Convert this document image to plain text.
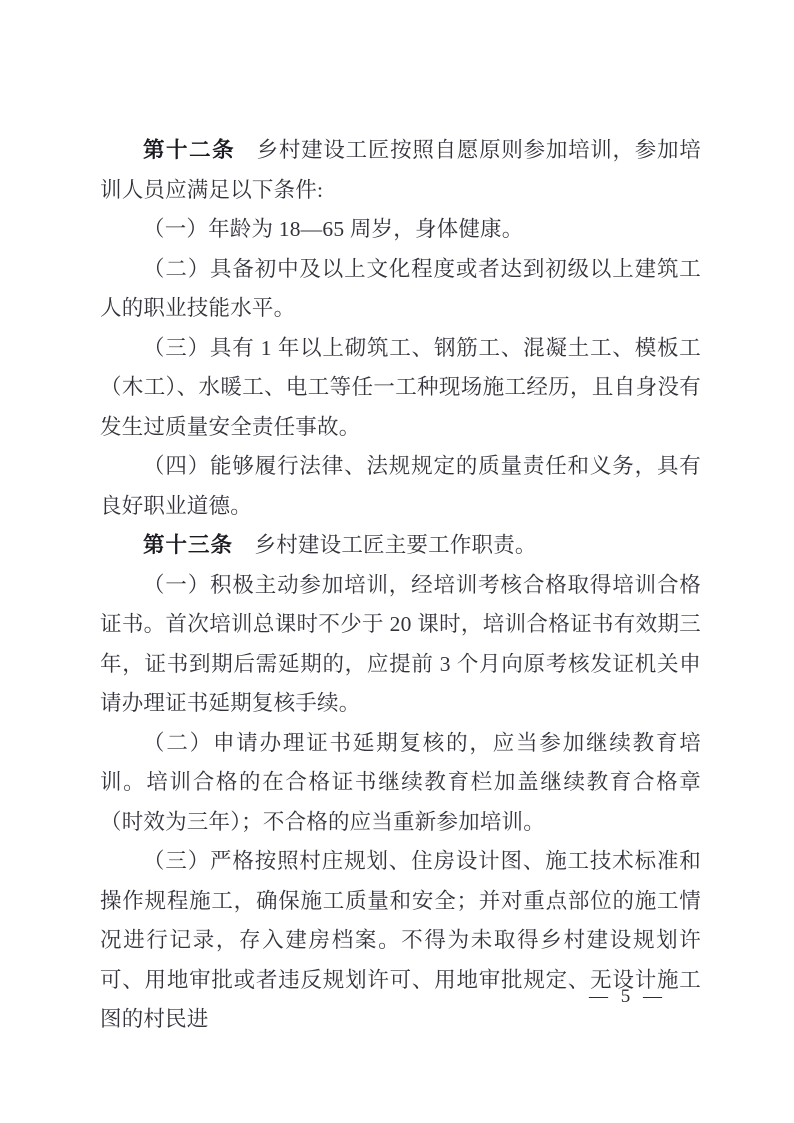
第十二条 乡村建设工匠按照自愿原则参加培训，参加培训人员应满足以下条件:

（一）年龄为 18—65 周岁，身体健康。

（二）具备初中及以上文化程度或者达到初级以上建筑工人的职业技能水平。

（三）具有 1 年以上砌筑工、钢筋工、混凝土工、模板工（木工）、水暖工、电工等任一工种现场施工经历，且自身没有发生过质量安全责任事故。

（四）能够履行法律、法规规定的质量责任和义务，具有良好职业道德。

第十三条 乡村建设工匠主要工作职责。

（一）积极主动参加培训，经培训考核合格取得培训合格证书。首次培训总课时不少于 20 课时，培训合格证书有效期三年，证书到期后需延期的，应提前 3 个月向原考核发证机关申请办理证书延期复核手续。

（二）申请办理证书延期复核的，应当参加继续教育培训。培训合格的在合格证书继续教育栏加盖继续教育合格章（时效为三年）；不合格的应当重新参加培训。

（三）严格按照村庄规划、住房设计图、施工技术标准和操作规程施工，确保施工质量和安全；并对重点部位的施工情况进行记录，存入建房档案。不得为未取得乡村建设规划许可、用地审批或者违反规划许可、用地审批规定、无设计施工图的村民进

— 5 —
